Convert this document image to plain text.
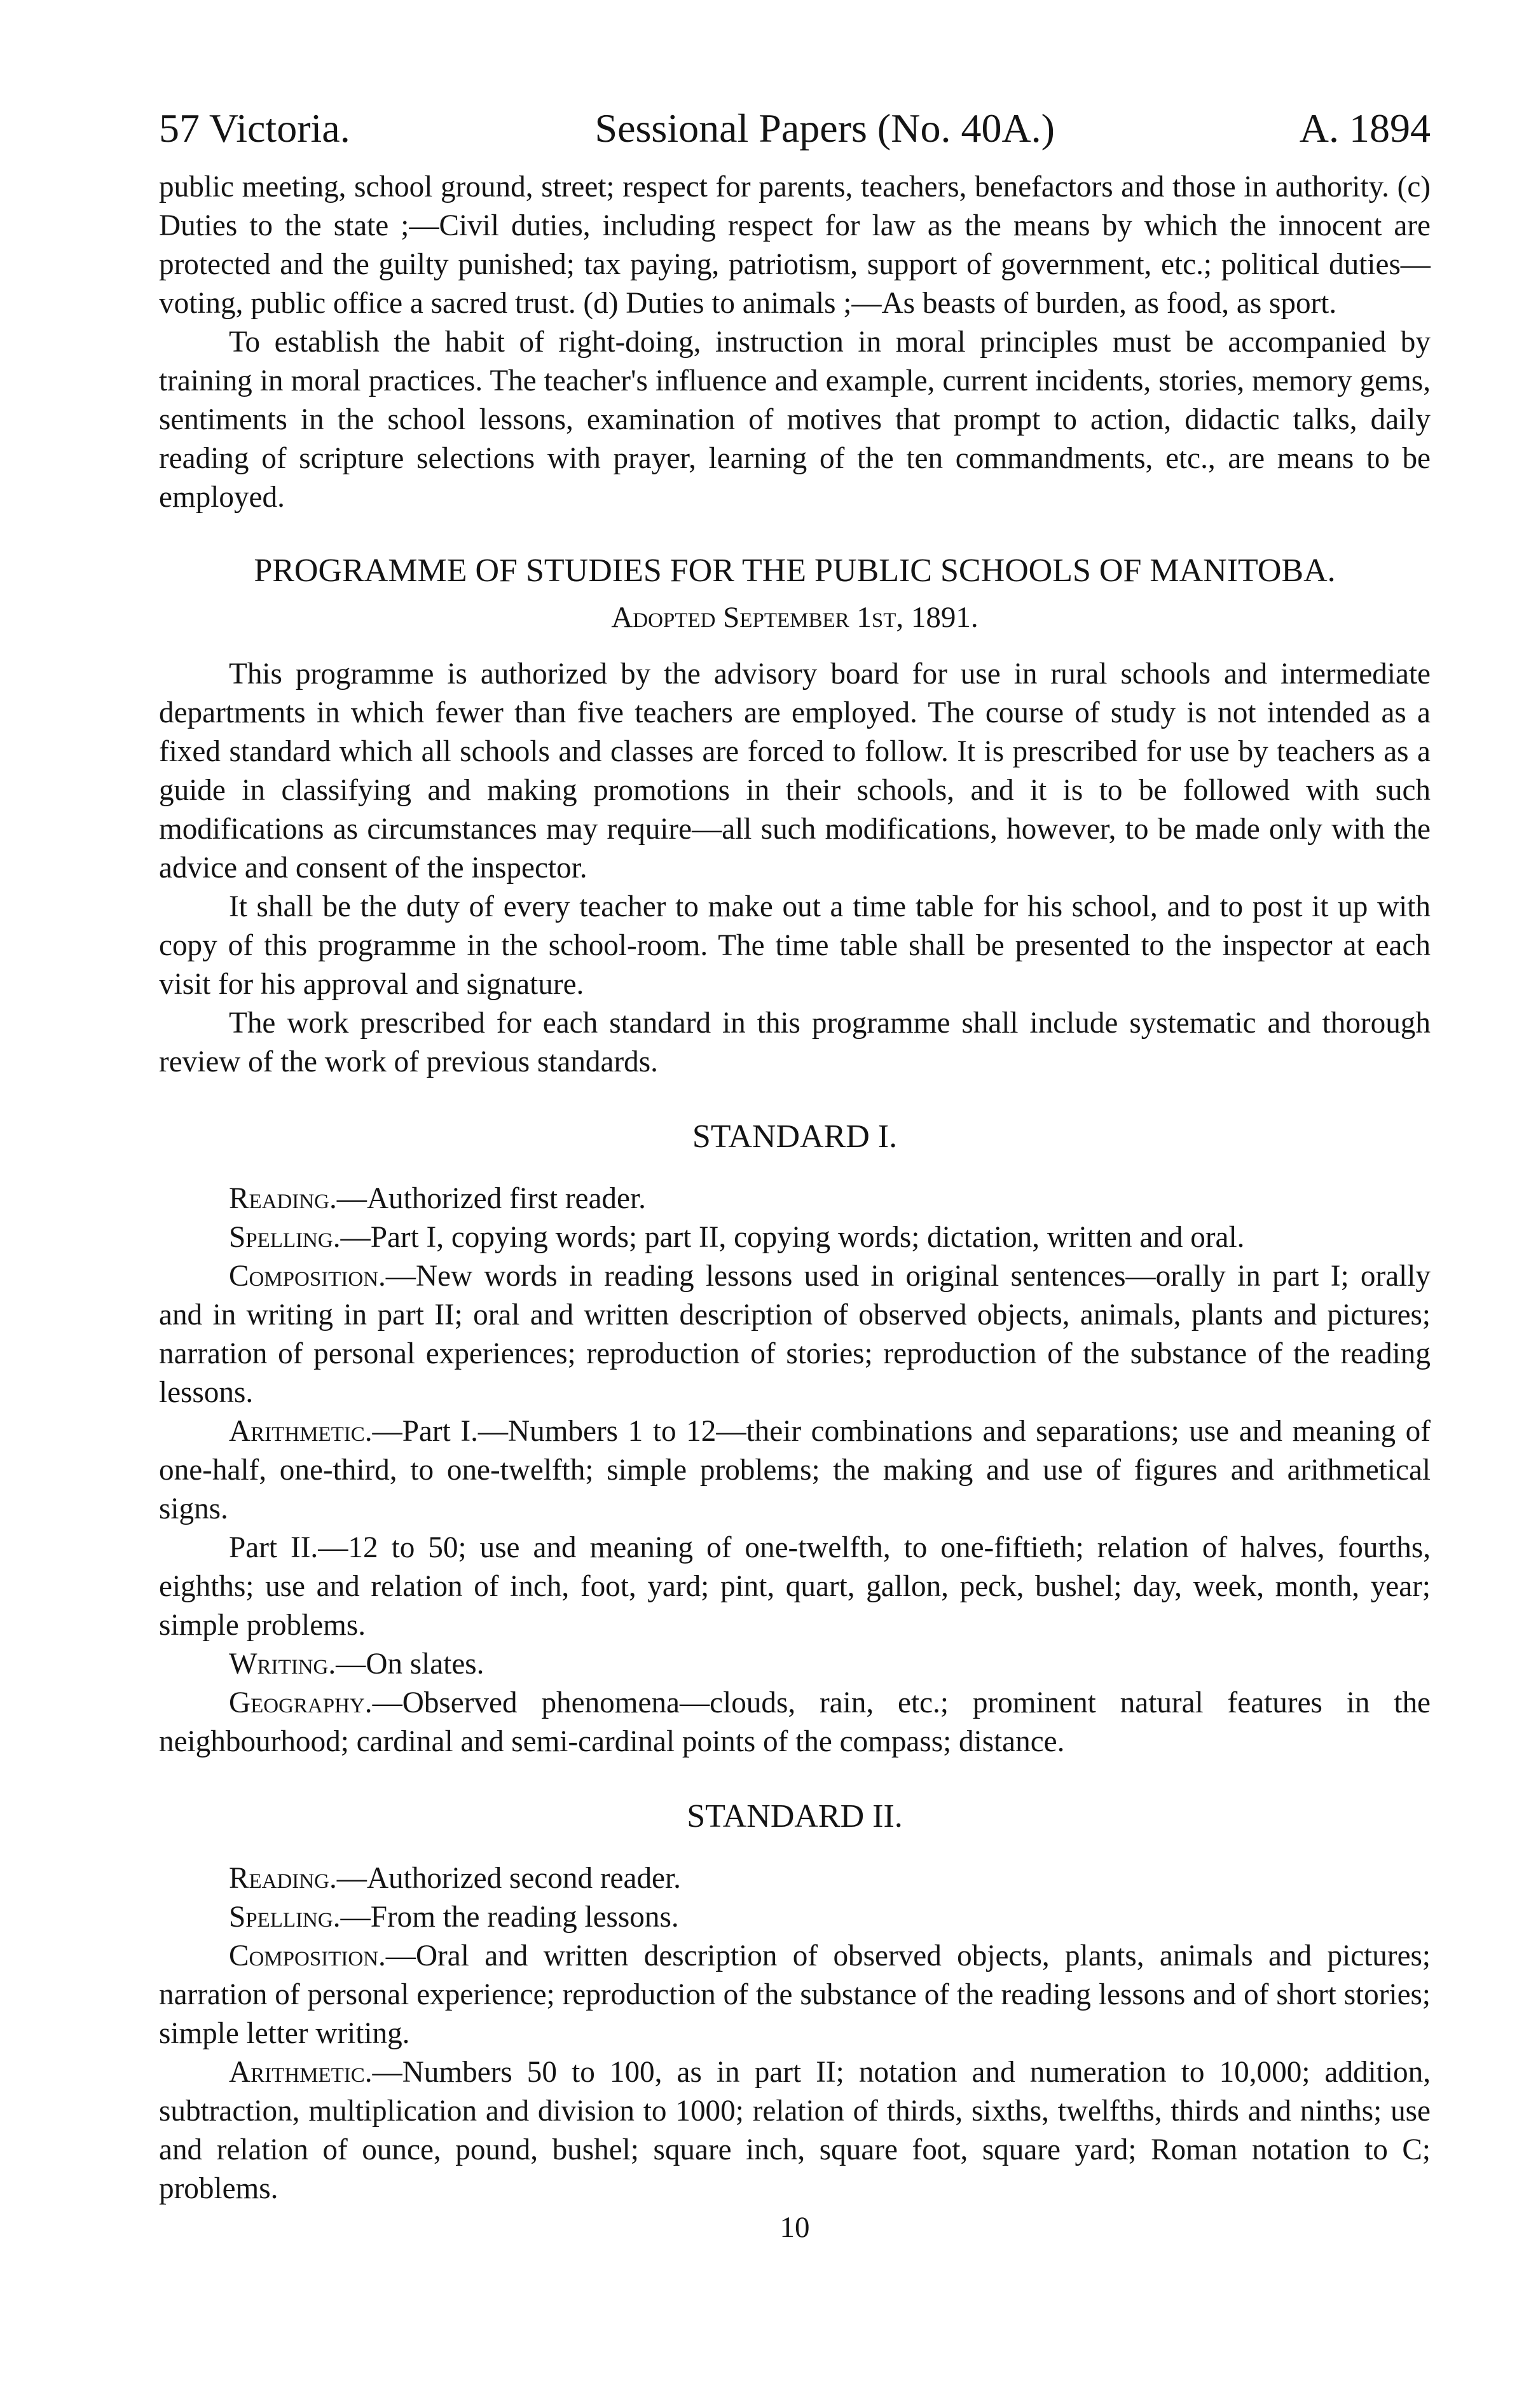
57 Victoria.	Sessional Papers (No. 40A.)	A. 1894

public meeting, school ground, street; respect for parents, teachers, benefactors and those in authority. (c) Duties to the state ;—Civil duties, including respect for law as the means by which the innocent are protected and the guilty punished; tax paying, patriotism, support of government, etc.; political duties—voting, public office a sacred trust. (d) Duties to animals ;—As beasts of burden, as food, as sport.

To establish the habit of right-doing, instruction in moral principles must be accompanied by training in moral practices. The teacher's influence and example, current incidents, stories, memory gems, sentiments in the school lessons, examination of motives that prompt to action, didactic talks, daily reading of scripture selections with prayer, learning of the ten commandments, etc., are means to be employed.

PROGRAMME OF STUDIES FOR THE PUBLIC SCHOOLS OF MANITOBA.
Adopted September 1st, 1891.

This programme is authorized by the advisory board for use in rural schools and intermediate departments in which fewer than five teachers are employed. The course of study is not intended as a fixed standard which all schools and classes are forced to follow. It is prescribed for use by teachers as a guide in classifying and making promotions in their schools, and it is to be followed with such modifications as circumstances may require—all such modifications, however, to be made only with the advice and consent of the inspector.

It shall be the duty of every teacher to make out a time table for his school, and to post it up with copy of this programme in the school-room. The time table shall be presented to the inspector at each visit for his approval and signature.

The work prescribed for each standard in this programme shall include systematic and thorough review of the work of previous standards.

STANDARD I.

Reading.—Authorized first reader.

Spelling.—Part I, copying words; part II, copying words; dictation, written and oral.

Composition.—New words in reading lessons used in original sentences—orally in part I; orally and in writing in part II; oral and written description of observed objects, animals, plants and pictures; narration of personal experiences; reproduction of stories; reproduction of the substance of the reading lessons.

Arithmetic.—Part I.—Numbers 1 to 12—their combinations and separations; use and meaning of one-half, one-third, to one-twelfth; simple problems; the making and use of figures and arithmetical signs.

Part II.—12 to 50; use and meaning of one-twelfth, to one-fiftieth; relation of halves, fourths, eighths; use and relation of inch, foot, yard; pint, quart, gallon, peck, bushel; day, week, month, year; simple problems.

Writing.—On slates.

Geography.—Observed phenomena—clouds, rain, etc.; prominent natural features in the neighbourhood; cardinal and semi-cardinal points of the compass; distance.

STANDARD II.

Reading.—Authorized second reader.

Spelling.—From the reading lessons.

Composition.—Oral and written description of observed objects, plants, animals and pictures; narration of personal experience; reproduction of the substance of the reading lessons and of short stories; simple letter writing.

Arithmetic.—Numbers 50 to 100, as in part II; notation and numeration to 10,000; addition, subtraction, multiplication and division to 1000; relation of thirds, sixths, twelfths, thirds and ninths; use and relation of ounce, pound, bushel; square inch, square foot, square yard; Roman notation to C; problems.

10
